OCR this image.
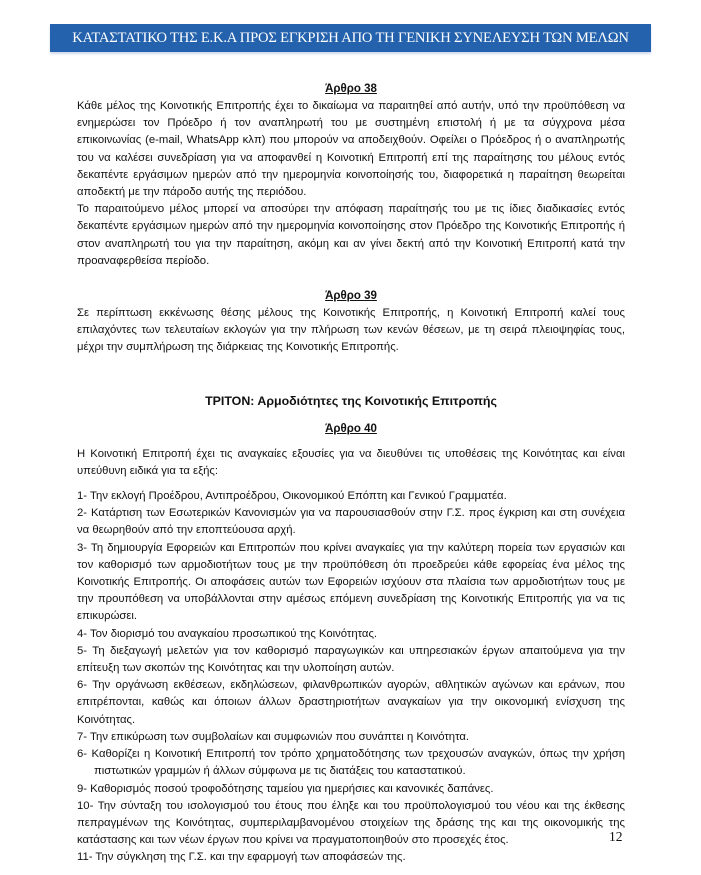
ΚΑΤΑΣΤΑΤΙΚΟ ΤΗΣ Ε.Κ.Α ΠΡΟΣ ΕΓΚΡΙΣΗ ΑΠΟ ΤΗ ΓΕΝΙΚΗ ΣΥΝΕΛΕΥΣΗ ΤΩΝ ΜΕΛΩΝ

Άρθρο 38

Κάθε μέλος της Κοινοτικής Επιτροπής έχει το δικαίωμα να παραιτηθεί από αυτήν, υπό την προϋπόθεση να ενημερώσει τον Πρόεδρο ή τον αναπληρωτή του με συστημένη επιστολή ή με τα σύγχρονα μέσα επικοινωνίας (e-mail, WhatsApp κλπ) που μπορούν να αποδειχθούν. Οφείλει ο Πρόεδρος ή ο αναπληρωτής του να καλέσει συνεδρίαση για να αποφανθεί η Κοινοτική Επιτροπή επί της παραίτησης του μέλους εντός δεκαπέντε εργάσιμων ημερών από την ημερομηνία κοινοποίησής του, διαφορετικά η παραίτηση θεωρείται αποδεκτή με την πάροδο αυτής της περιόδου.

Το παραιτούμενο μέλος μπορεί να αποσύρει την απόφαση παραίτησής του με τις ίδιες διαδικασίες εντός δεκαπέντε εργάσιμων ημερών από την ημερομηνία κοινοποίησης στον Πρόεδρο της Κοινοτικής Επιτροπής ή στον αναπληρωτή του για την παραίτηση, ακόμη και αν γίνει δεκτή από την Κοινοτική Επιτροπή κατά την προαναφερθείσα περίοδο.

Άρθρο 39

Σε περίπτωση εκκένωσης θέσης μέλους της Κοινοτικής Επιτροπής, η Κοινοτική Επιτροπή καλεί τους επιλαχόντες των τελευταίων εκλογών για την πλήρωση των κενών θέσεων, με τη σειρά πλειοψηφίας τους, μέχρι την συμπλήρωση της διάρκειας της Κοινοτικής Επιτροπής.

ΤΡΙΤΟΝ: Αρμοδιότητες της Κοινοτικής Επιτροπής

Άρθρο 40

Η Κοινοτική Επιτροπή έχει τις αναγκαίες εξουσίες για να διευθύνει τις υποθέσεις της Κοινότητας και είναι υπεύθυνη ειδικά για τα εξής:

1- Την εκλογή Προέδρου, Αντιπροέδρου, Οικονομικού Επόπτη και Γενικού Γραμματέα.

2- Κατάρτιση των Εσωτερικών Κανονισμών για να παρουσιασθούν στην Γ.Σ. προς έγκριση και στη συνέχεια να θεωρηθούν από την εποπτεύουσα αρχή.

3- Τη δημιουργία Εφορειών και Επιτροπών που κρίνει αναγκαίες για την καλύτερη πορεία των εργασιών και τον καθορισμό των αρμοδιοτήτων τους με την προϋπόθεση ότι προεδρεύει κάθε εφορείας ένα μέλος της Κοινοτικής Επιτροπής. Οι αποφάσεις αυτών των Εφορειών ισχύουν στα πλαίσια των αρμοδιοτήτων τους με την προυπόθεση να υποβάλλονται στην αμέσως επόμενη συνεδρίαση της Κοινοτικής Επιτροπής για να τις επικυρώσει.

4- Τον διορισμό του αναγκαίου προσωπικού της Κοινότητας.

5- Τη διεξαγωγή μελετών για τον καθορισμό παραγωγικών και υπηρεσιακών έργων απαιτούμενα για την επίτευξη των σκοπών της Κοινότητας και την υλοποίηση αυτών.

6- Την οργάνωση εκθέσεων, εκδηλώσεων, φιλανθρωπικών αγορών, αθλητικών αγώνων και εράνων, που επιτρέπονται, καθώς και όποιων άλλων δραστηριοτήτων αναγκαίων για την οικονομική ενίσχυση της Κοινότητας.

7- Την επικύρωση των συμβολαίων και συμφωνιών που συνάπτει η Κοινότητα.

6- Καθορίζει η Κοινοτική Επιτροπή τον τρόπο χρηματοδότησης των τρεχουσών αναγκών, όπως την χρήση πιστωτικών γραμμών ή άλλων σύμφωνα με τις διατάξεις του καταστατικού.

9- Καθορισμός ποσού τροφοδότησης ταμείου για ημερήσιες και κανονικές δαπάνες.

10- Την σύνταξη του ισολογισμού του έτους που έληξε και του προϋπολογισμού του νέου και της έκθεσης πεπραγμένων της Κοινότητας, συμπεριλαμβανομένου στοιχείων της δράσης της και της οικονομικής της κατάστασης και των νέων έργων που κρίνει να πραγματοποιηθούν στο προσεχές έτος.

11- Την σύγκληση της Γ.Σ. και την εφαρμογή των αποφάσεών της.

12
